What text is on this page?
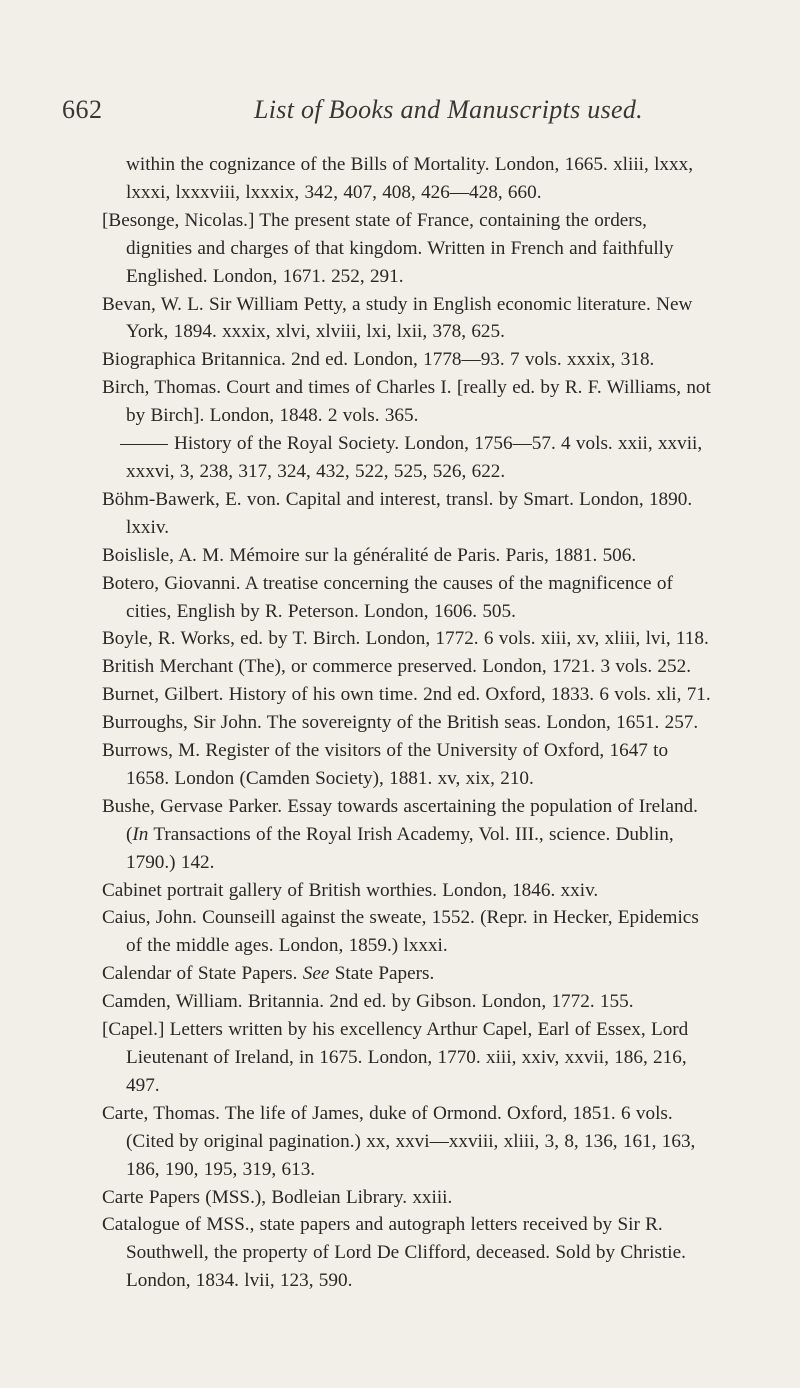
662	List of Books and Manuscripts used.
within the cognizance of the Bills of Mortality. London, 1665. xliii, lxxx, lxxxi, lxxxviii, lxxxix, 342, 407, 408, 426—428, 660.
[Besonge, Nicolas.] The present state of France, containing the orders, dignities and charges of that kingdom. Written in French and faithfully Englished. London, 1671. 252, 291.
Bevan, W. L. Sir William Petty, a study in English economic literature. New York, 1894. xxxix, xlvi, xlviii, lxi, lxii, 378, 625.
Biographica Britannica. 2nd ed. London, 1778—93. 7 vols. xxxix, 318.
Birch, Thomas. Court and times of Charles I. [really ed. by R. F. Williams, not by Birch]. London, 1848. 2 vols. 365.
History of the Royal Society. London, 1756—57. 4 vols. xxii, xxvii, xxxvi, 3, 238, 317, 324, 432, 522, 525, 526, 622.
Böhm-Bawerk, E. von. Capital and interest, transl. by Smart. London, 1890. lxxiv.
Boislisle, A. M. Mémoire sur la généralité de Paris. Paris, 1881. 506.
Botero, Giovanni. A treatise concerning the causes of the magnificence of cities, English by R. Peterson. London, 1606. 505.
Boyle, R. Works, ed. by T. Birch. London, 1772. 6 vols. xiii, xv, xliii, lvi, 118.
British Merchant (The), or commerce preserved. London, 1721. 3 vols. 252.
Burnet, Gilbert. History of his own time. 2nd ed. Oxford, 1833. 6 vols. xli, 71.
Burroughs, Sir John. The sovereignty of the British seas. London, 1651. 257.
Burrows, M. Register of the visitors of the University of Oxford, 1647 to 1658. London (Camden Society), 1881. xv, xix, 210.
Bushe, Gervase Parker. Essay towards ascertaining the population of Ireland. (In Transactions of the Royal Irish Academy, Vol. III., science. Dublin, 1790.) 142.
Cabinet portrait gallery of British worthies. London, 1846. xxiv.
Caius, John. Counseill against the sweate, 1552. (Repr. in Hecker, Epidemics of the middle ages. London, 1859.) lxxxi.
Calendar of State Papers. See State Papers.
Camden, William. Britannia. 2nd ed. by Gibson. London, 1772. 155.
[Capel.] Letters written by his excellency Arthur Capel, Earl of Essex, Lord Lieutenant of Ireland, in 1675. London, 1770. xiii, xxiv, xxvii, 186, 216, 497.
Carte, Thomas. The life of James, duke of Ormond. Oxford, 1851. 6 vols. (Cited by original pagination.) xx, xxvi—xxviii, xliii, 3, 8, 136, 161, 163, 186, 190, 195, 319, 613.
Carte Papers (MSS.), Bodleian Library. xxiii.
Catalogue of MSS., state papers and autograph letters received by Sir R. Southwell, the property of Lord De Clifford, deceased. Sold by Christie. London, 1834. lvii, 123, 590.
